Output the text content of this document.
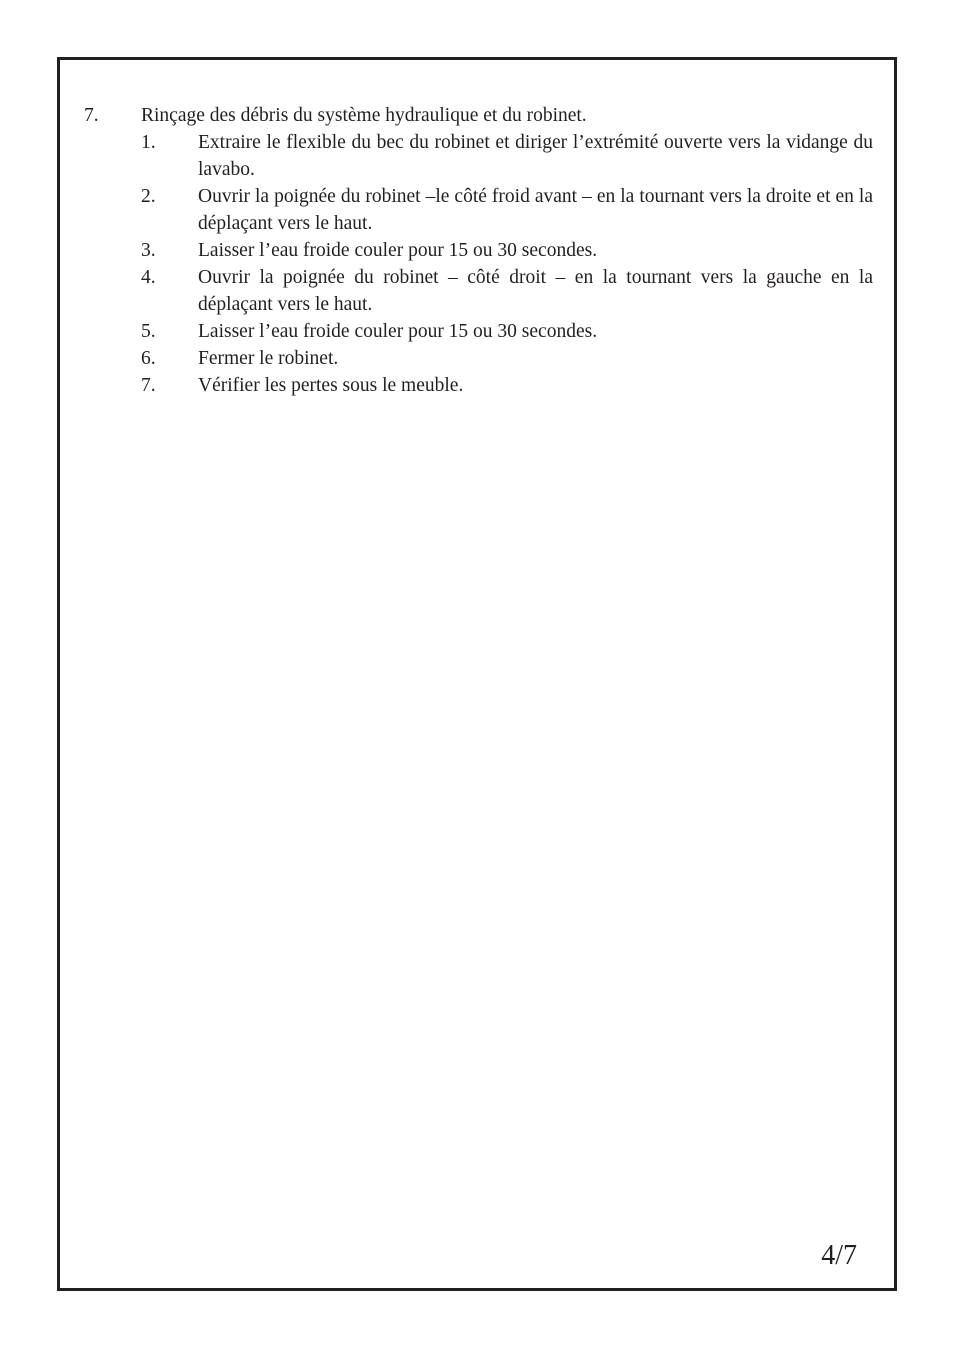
7.	Rinçage des débris du système hydraulique et du robinet.
1.	Extraire le flexible du bec du robinet et diriger l’extrémité ouverte vers la vidange du lavabo.
2.	Ouvrir la poignée du robinet –le côté froid avant – en la tournant vers la droite et en la déplaçant vers le haut.
3.	Laisser l’eau froide couler pour 15 ou 30 secondes.
4.	Ouvrir la poignée du robinet – côté droit – en la tournant vers la gauche en la déplaçant vers le haut.
5.	Laisser l’eau froide couler pour 15 ou 30 secondes.
6.	Fermer le robinet.
7.	Vérifier les pertes sous le meuble.
4/7
